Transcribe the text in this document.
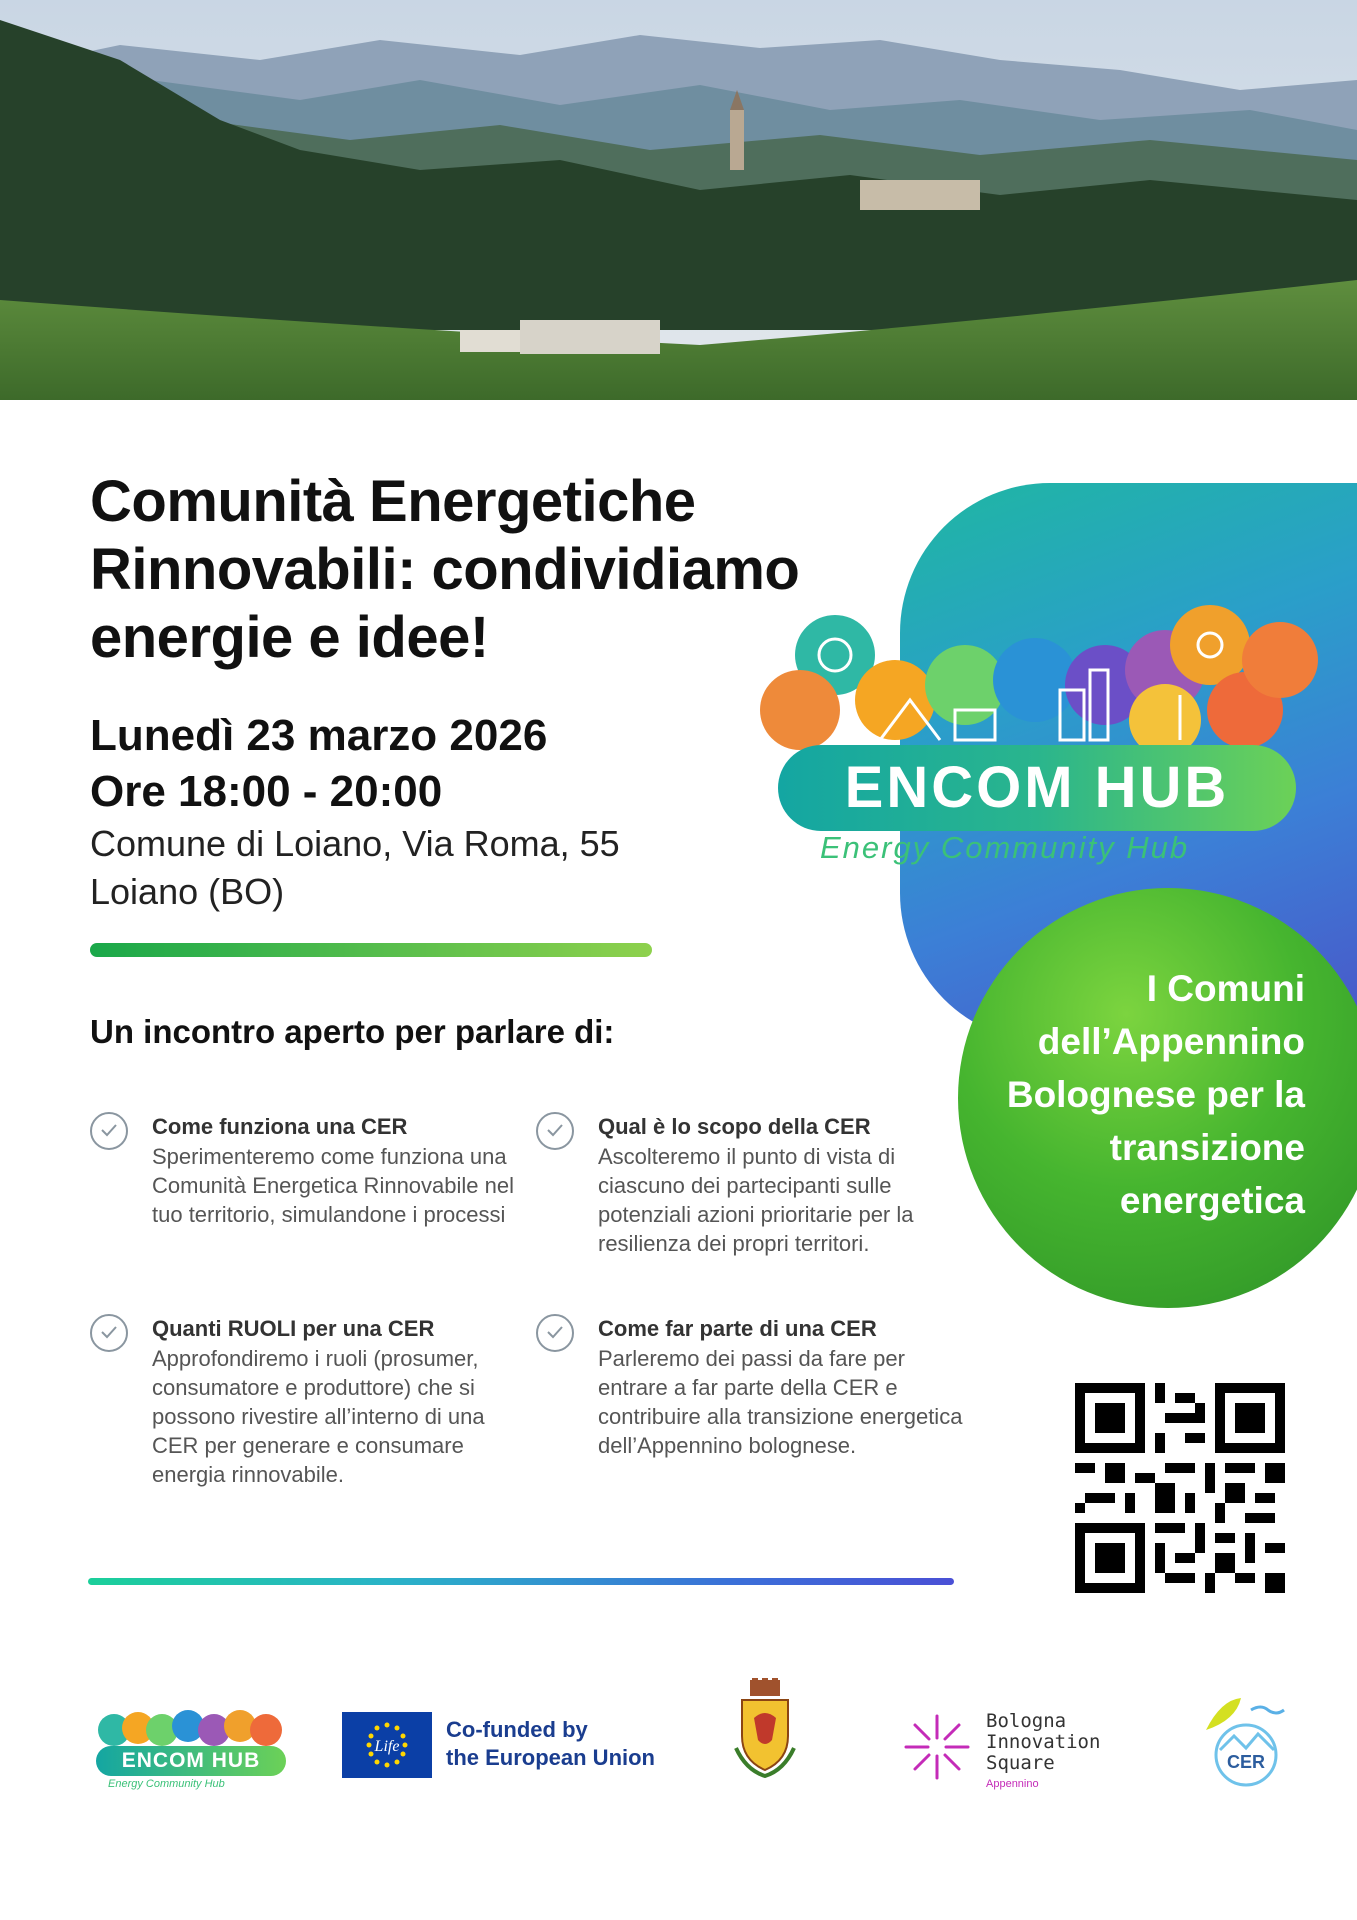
Comunità Energetiche Rinnovabili: condividiamo energie e idee!
Lunedì 23 marzo 2026
Ore 18:00 - 20:00
Comune di Loiano, Via Roma, 55
Loiano (BO)
ENCOM HUB
Energy Community Hub
I Comuni dell’Appennino Bolognese per la transizione energetica
Un incontro aperto per parlare di:
Come funziona una CER
Sperimenteremo come funziona una Comunità Energetica Rinnovabile nel tuo territorio, simulandone i processi
Qual è lo scopo della CER
Ascolteremo il punto di vista di ciascuno dei partecipanti sulle potenziali azioni prioritarie per la resilienza dei propri territori.
Quanti RUOLI per una CER
Approfondiremo i ruoli (prosumer, consumatore e produttore) che si possono rivestire all’interno di una CER per generare e consumare energia rinnovabile.
Come far parte di una CER
Parleremo dei passi da fare per entrare a far parte della CER e contribuire alla transizione energetica dell’Appennino bolognese.
ENCOM HUB
Energy Community Hub
Life
Co-funded by
the European Union
Bologna
Innovation
Square
Appennino
CER
